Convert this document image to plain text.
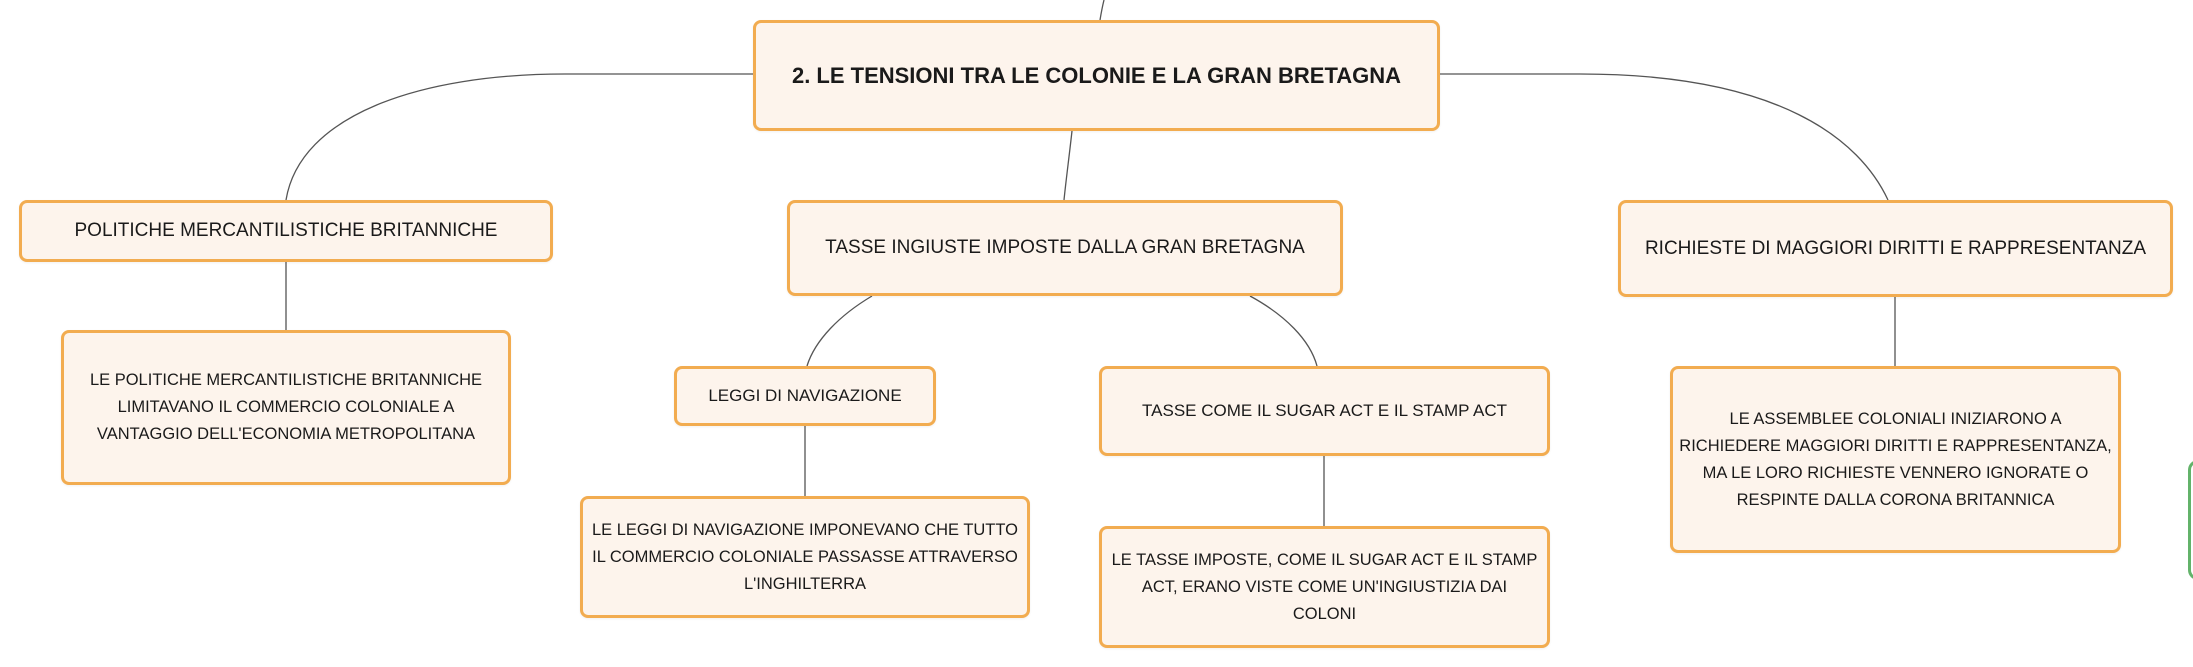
2. LE TENSIONI TRA LE COLONIE E LA GRAN BRETAGNA
POLITICHE MERCANTILISTICHE BRITANNICHE
LE POLITICHE MERCANTILISTICHE BRITANNICHE LIMITAVANO IL COMMERCIO COLONIALE A VANTAGGIO DELL'ECONOMIA METROPOLITANA
TASSE INGIUSTE IMPOSTE DALLA GRAN BRETAGNA
LEGGI DI NAVIGAZIONE
LE LEGGI DI NAVIGAZIONE IMPONEVANO CHE TUTTO IL COMMERCIO COLONIALE PASSASSE ATTRAVERSO L'INGHILTERRA
TASSE COME IL SUGAR ACT E IL STAMP ACT
LE TASSE IMPOSTE, COME IL SUGAR ACT E IL STAMP ACT, ERANO VISTE COME UN'INGIUSTIZIA DAI COLONI
RICHIESTE DI MAGGIORI DIRITTI E RAPPRESENTANZA
LE ASSEMBLEE COLONIALI INIZIARONO A RICHIEDERE MAGGIORI DIRITTI E RAPPRESENTANZA, MA LE LORO RICHIESTE VENNERO IGNORATE O RESPINTE DALLA CORONA BRITANNICA
